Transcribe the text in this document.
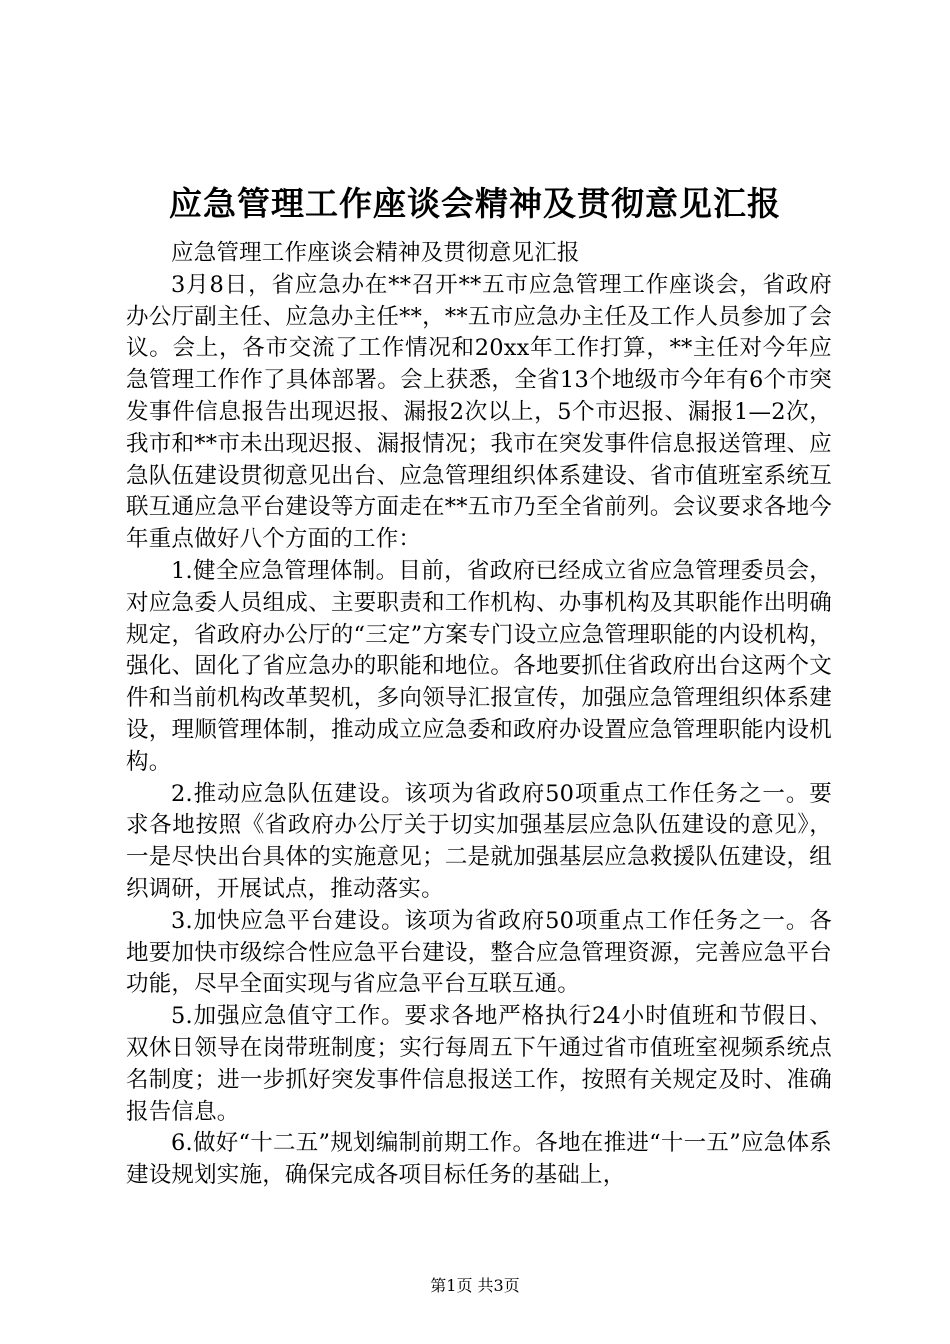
应急管理工作座谈会精神及贯彻意见汇报

应急管理工作座谈会精神及贯彻意见汇报

3月8日，省应急办在**召开**五市应急管理工作座谈会，省政府办公厅副主任、应急办主任**，**五市应急办主任及工作人员参加了会议。会上，各市交流了工作情况和20xx年工作打算，**主任对今年应急管理工作作了具体部署。会上获悉，全省13个地级市今年有6个市突发事件信息报告出现迟报、漏报2次以上，5个市迟报、漏报1—2次，我市和**市未出现迟报、漏报情况；我市在突发事件信息报送管理、应急队伍建设贯彻意见出台、应急管理组织体系建设、省市值班室系统互联互通应急平台建设等方面走在**五市乃至全省前列。会议要求各地今年重点做好八个方面的工作：

1.健全应急管理体制。目前，省政府已经成立省应急管理委员会，对应急委人员组成、主要职责和工作机构、办事机构及其职能作出明确规定，省政府办公厅的“三定”方案专门设立应急管理职能的内设机构，强化、固化了省应急办的职能和地位。各地要抓住省政府出台这两个文件和当前机构改革契机，多向领导汇报宣传，加强应急管理组织体系建设，理顺管理体制，推动成立应急委和政府办设置应急管理职能内设机构。

2.推动应急队伍建设。该项为省政府50项重点工作任务之一。要求各地按照《省政府办公厅关于切实加强基层应急队伍建设的意见》，一是尽快出台具体的实施意见；二是就加强基层应急救援队伍建设，组织调研，开展试点，推动落实。

3.加快应急平台建设。该项为省政府50项重点工作任务之一。各地要加快市级综合性应急平台建设，整合应急管理资源，完善应急平台功能，尽早全面实现与省应急平台互联互通。

5.加强应急值守工作。要求各地严格执行24小时值班和节假日、双休日领导在岗带班制度；实行每周五下午通过省市值班室视频系统点名制度；进一步抓好突发事件信息报送工作，按照有关规定及时、准确报告信息。

6.做好“十二五”规划编制前期工作。各地在推进“十一五”应急体系建设规划实施，确保完成各项目标任务的基础上，

第1页 共3页
